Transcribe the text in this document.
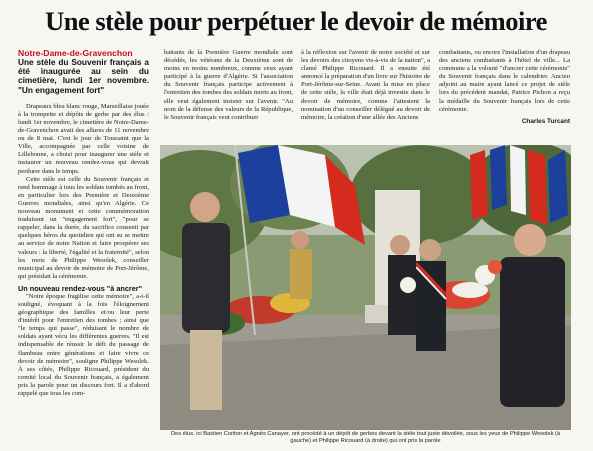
Une stèle pour perpétuer le devoir de mémoire
Notre-Dame-de-Gravenchon
Une stèle du Souvenir français a été inaugurée au sein du cimetière, lundi 1er novembre. "Un engagement fort"

Drapeaux bleu blanc rouge, Marseillaise jouée à la trompette et dépôts de gerbe par des élus : lundi 1er novembre, le cimetière de Notre-Dame-de-Gravenchon avait des allures de 11 novembre ou de 8 mai. C'est le jour de Toussaint que la Ville, accompagnée par celle voisine de Lillebonne, a choisi pour inaugurer une stèle et instaurer un nouveau rendez-vous qui devrait perdurer dans le temps.

Cette stèle est celle du Souvenir français et rend hommage à tous les soldats tombés au front, en particulier lors des Première et Deuxième Guerres mondiales, ainsi qu'en Algérie. Ce nouveau monument et cette commémoration traduisent un "engagement fort", "pour se rappeler, dans la durée, du sacrifice consenti par quelques héros du quotidien qui ont su se mettre au service de notre Nation et faire prospérer ses valeurs : la liberté, l'égalité et la fraternité", selon les mots de Philippe Wesolek, conseiller municipal au devoir de mémoire de Port-Jérôme, qui présidait la cérémonie.

Un nouveau rendez-vous "à ancrer"

"Notre époque fragilise cette mémoire", a-t-il souligné, évoquant à la fois l'éloignement géographique des familles et/ou leur perte d'intérêt pour l'entretien des tombes ; ainsi que "le temps qui passe", réduisant le nombre de soldats ayant vécu les différentes guerres. "Il est indispensable de réussir le défi du passage de flambeau entre générations et faire vivre ce devoir de mémoire", souligne Philippe Wesolek. À ses côtés, Philippe Ricouard, président du comité local du Souvenir français, a également pris la parole pour un discours fort. Il a d'abord rappelé que tous les com-

battants de la Première Guerre mondiale sont décédés, les vétérans de la Deuxième sont de moins en moins nombreux, comme ceux ayant participé à la guerre d'Algérie. Si l'association du Souvenir français participe activement à l'entretien des tombes des soldats morts au front, elle veut également insister sur l'avenir. "Au nom de la défense des valeurs de la République, le Souvenir français veut contribuer

à la réflexion sur l'avenir de notre société et sur les devoirs des citoyens vis-à-vis de la nation", a clamé Philippe Ricouard. Il a ensuite été annoncé la préparation d'un livre sur l'histoire de Port-Jérôme-sur-Seine. Avant la mise en place de cette stèle, la ville était déjà investie dans le devoir de mémoire, comme l'attestent la nomination d'un conseiller délégué au devoir de mémoire, la création d'une allée des Anciens

combattants, ou encore l'installation d'un drapeau des anciens combattants à l'hôtel de ville... La commune a la volonté "d'ancrer cette cérémonie" du Souvenir français dans le calendrier. Ancien adjoint au maire ayant lancé ce projet de stèle lors du précédent mandat, Patrice Pichon a reçu la médaille du Souvenir français lors de cette cérémonie.

Charles Turcant
Des élus, ici Bastien Coriton et Agnès Canayer, ont procédé à un dépôt de gerbes devant la stèle tout juste dévoilée, sous les yeux de Philippe Wesolek (à gauche) et Philippe Ricouard (à droite) qui ont pris la parole
